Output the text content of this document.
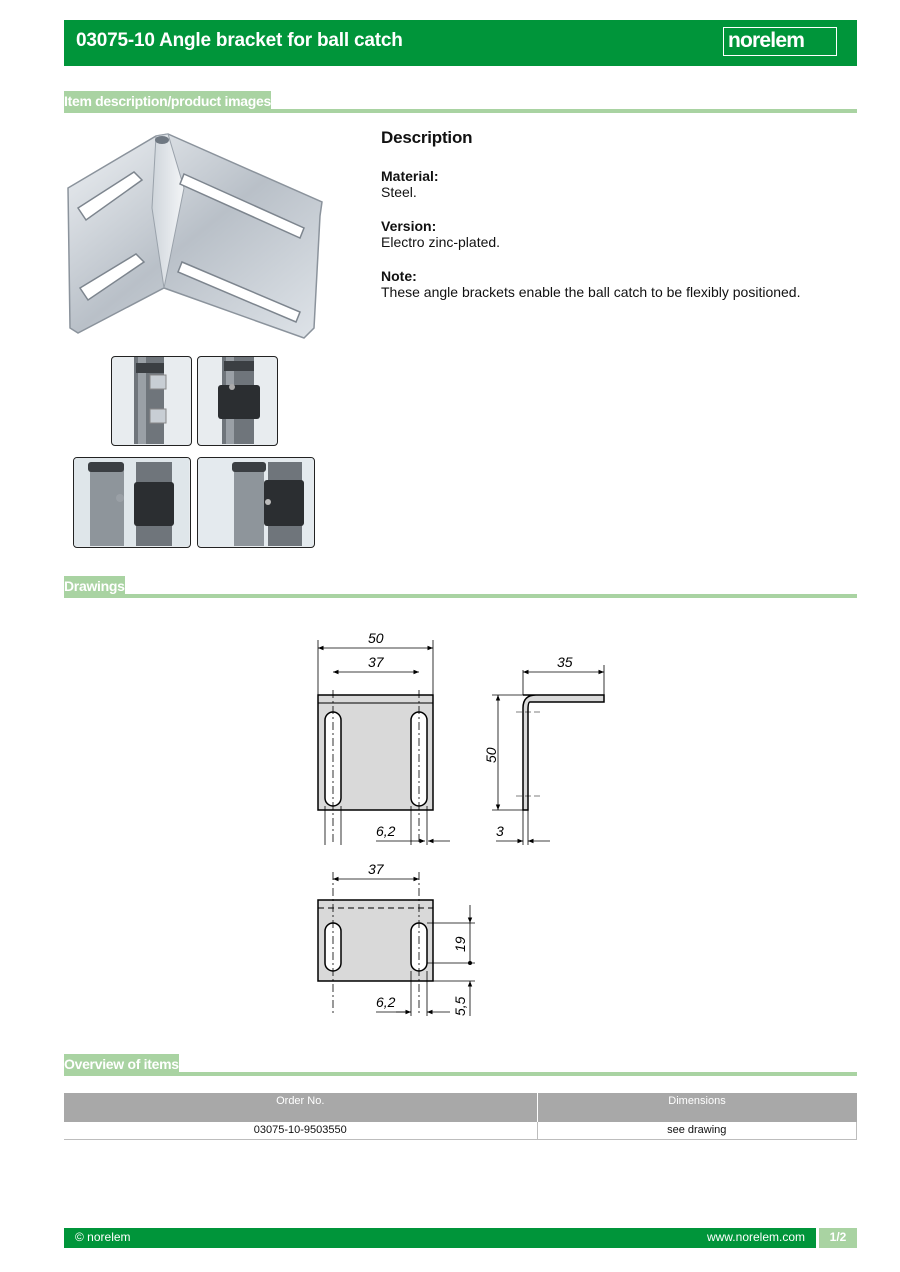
03075-10 Angle bracket for ball catch	norelem
Item description/product images
Description
Material:
Steel.
Version:
Electro zinc-plated.
Note:
These angle brackets enable the ball catch to be flexibly positioned.
Drawings
50
37
6,2
35
50
3
37
19
5,5
6,2
Overview of items
Order No.	Dimensions
03075-10-9503550	see drawing
© norelem	www.norelem.com	1/2
